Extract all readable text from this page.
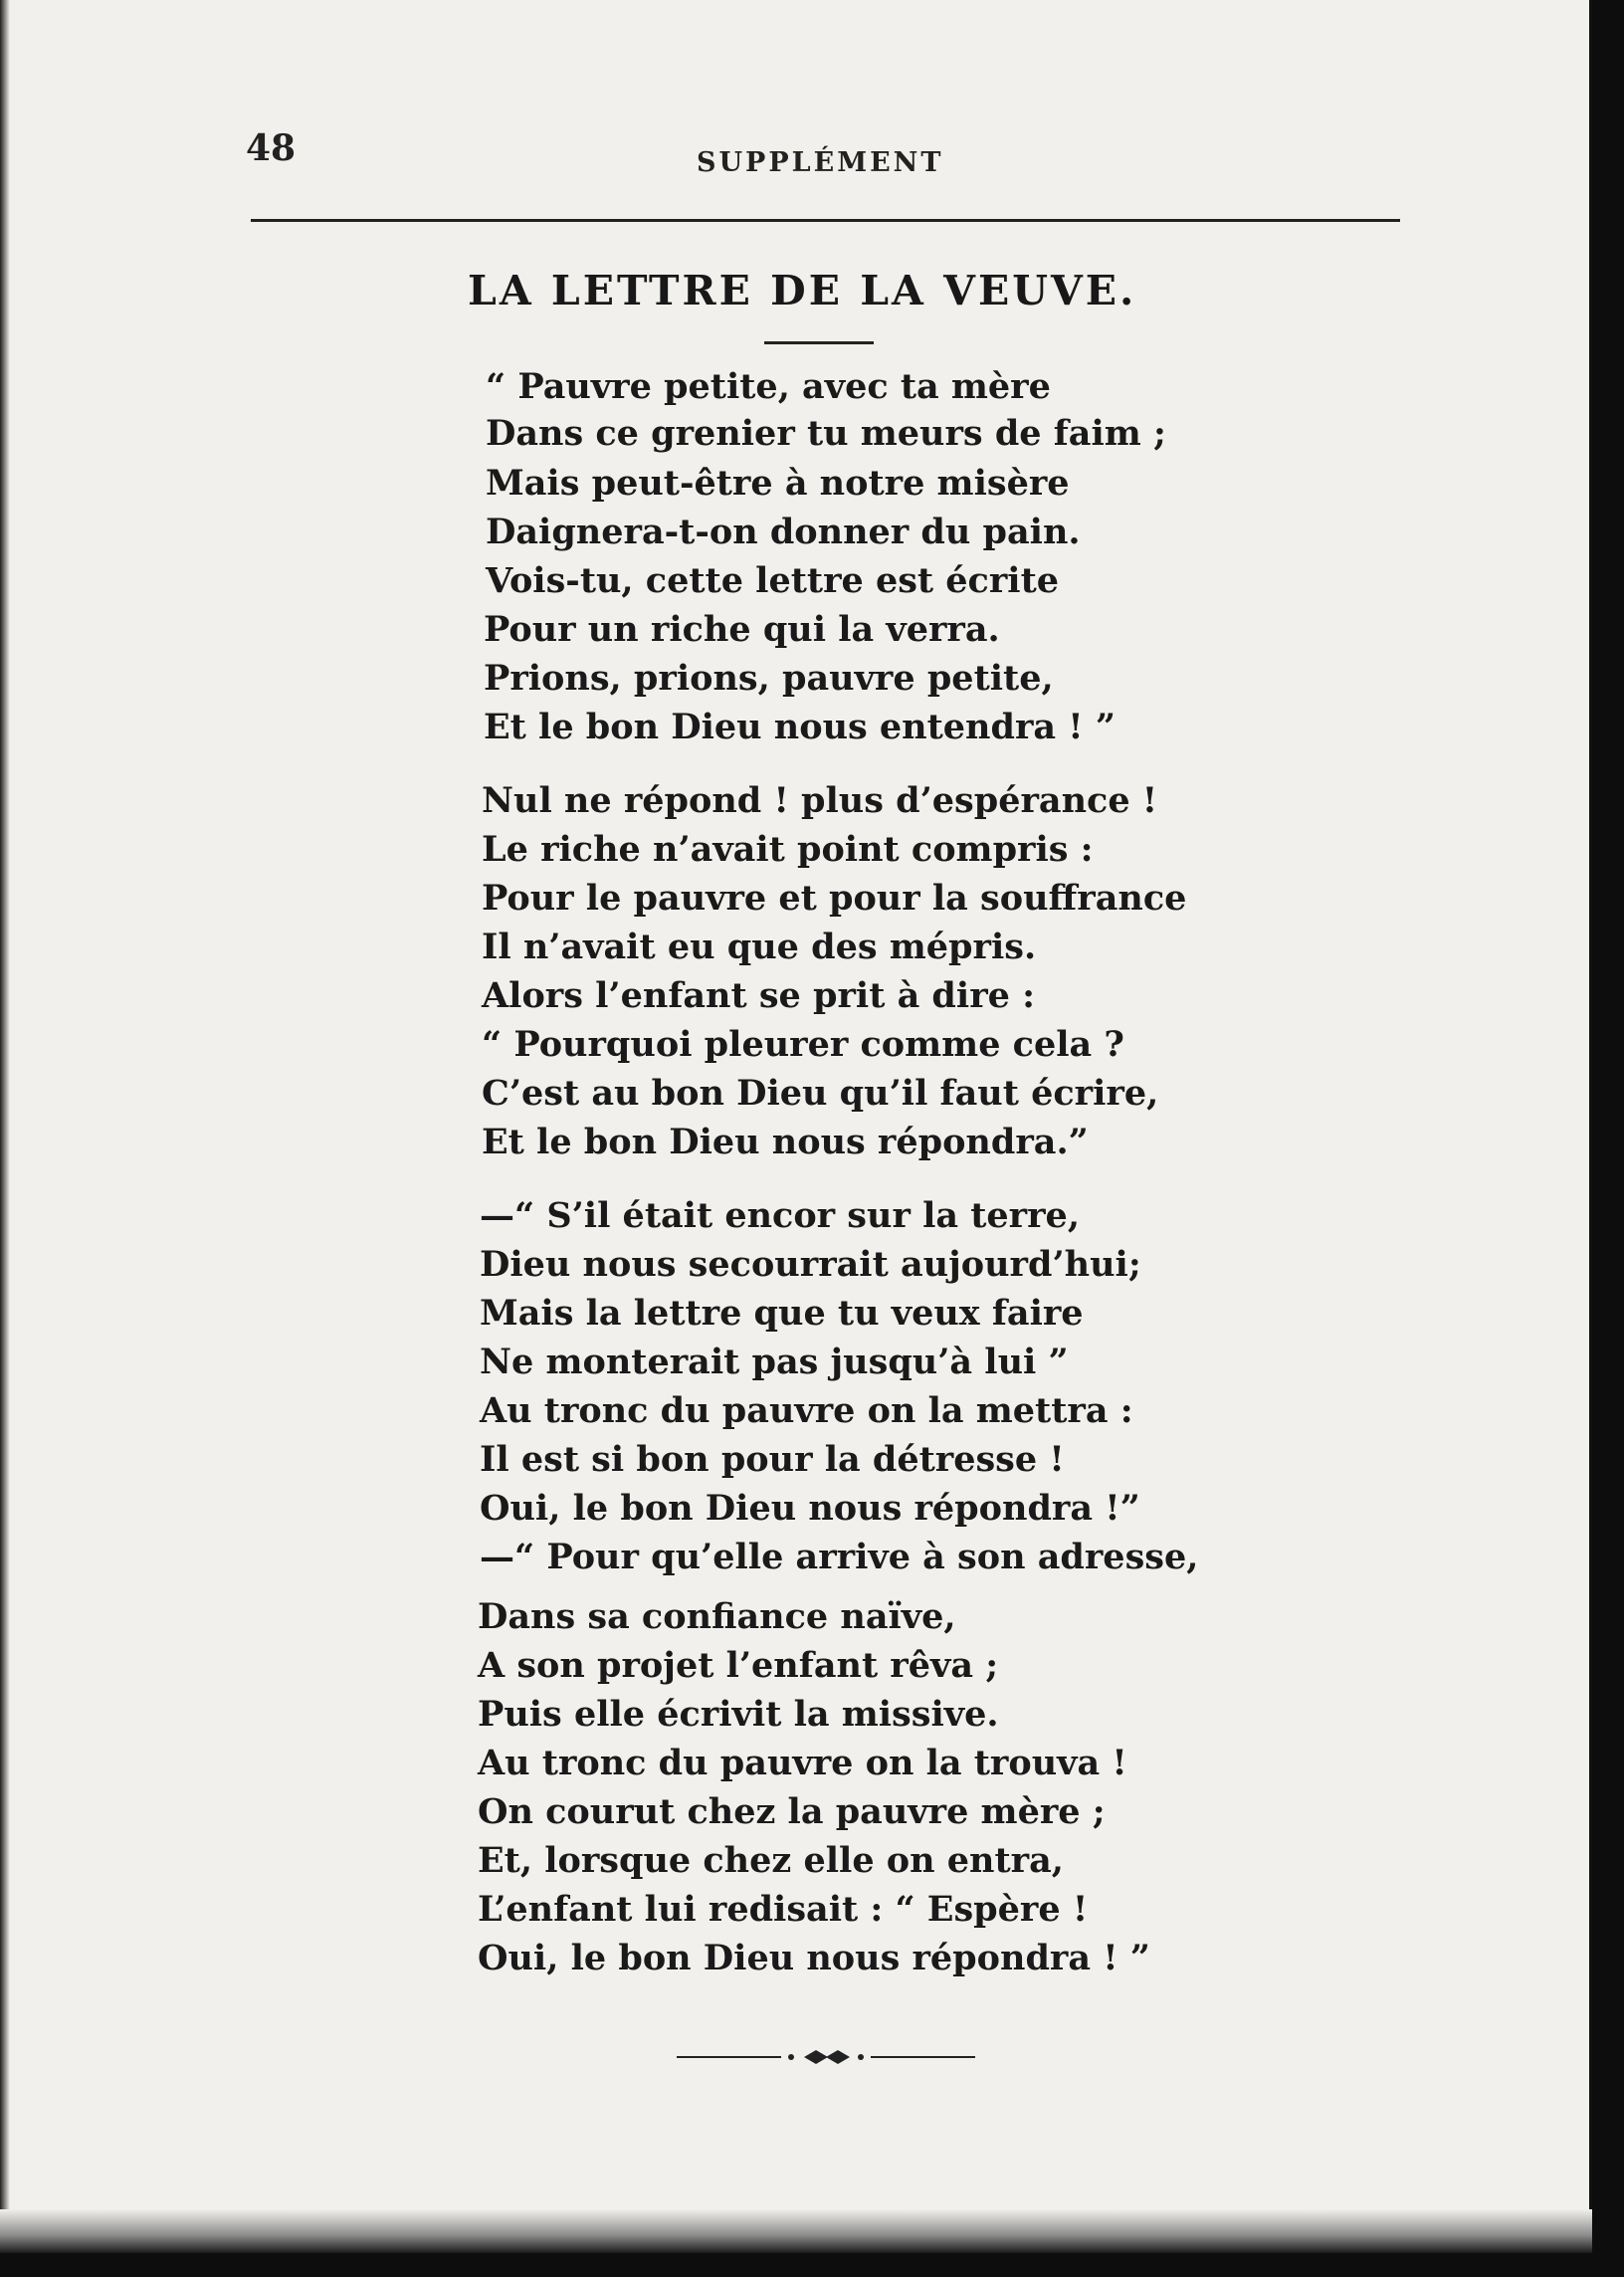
48	SUPPLÉMENT
LA LETTRE DE LA VEUVE.
“ Pauvre petite, avec ta mère
Dans ce grenier tu meurs de faim ;
Mais peut-être à notre misère
Daignera-t-on donner du pain.
Vois-tu, cette lettre est écrite
Pour un riche qui la verra.
Prions, prions, pauvre petite,
Et le bon Dieu nous entendra ! ”
Nul ne répond ! plus d’espérance !
Le riche n’avait point compris :
Pour le pauvre et pour la souffrance
Il n’avait eu que des mépris.
Alors l’enfant se prit à dire :
“ Pourquoi pleurer comme cela ?
C’est au bon Dieu qu’il faut écrire,
Et le bon Dieu nous répondra.”
—“ S’il était encor sur la terre,
Dieu nous secourrait aujourd’hui;
Mais la lettre que tu veux faire
Ne monterait pas jusqu’à lui ”
Au tronc du pauvre on la mettra :
Il est si bon pour la détresse !
Oui, le bon Dieu nous répondra !”
—“ Pour qu’elle arrive à son adresse,
Dans sa confiance naïve,
A son projet l’enfant rêva ;
Puis elle écrivit la missive.
Au tronc du pauvre on la trouva !
On courut chez la pauvre mère ;
Et, lorsque chez elle on entra,
L’enfant lui redisait : “ Espère !
Oui, le bon Dieu nous répondra ! ”
